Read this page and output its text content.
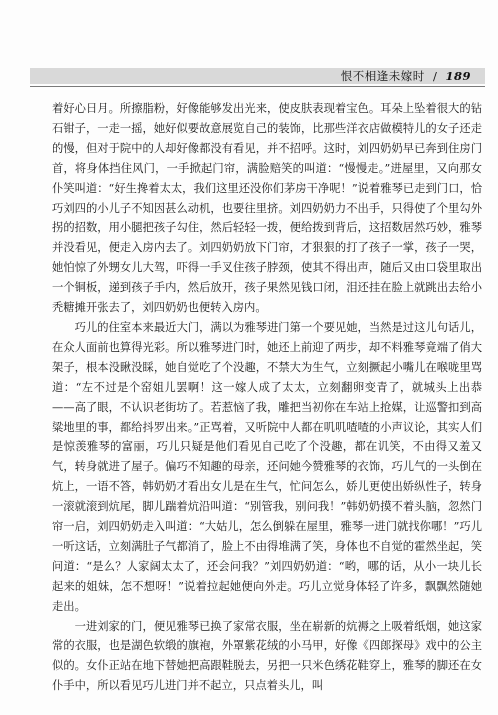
恨不相逢未嫁时 / 189

着好心日月。所擦脂粉，好像能够发出光来，使皮肤表现着宝色。耳朵上坠着很大的钻石钳子，一走一摇，她好似要故意展览自己的装饰，比那些洋衣店做模特儿的女子还走的慢，但对于院中的人却好像都没有看见，并不招呼。这时，刘四奶奶早已奔到住房门首，将身体挡住风门，一手掀起门帘，满脸赔笑的叫道：“慢慢走。”进屋里，又向那女仆笑叫道：“好生搀着太太，我们这里还没你们茅房干净呢！”说着雅琴已走到门口，恰巧刘四的小儿子不知因甚么动机，也要往里挤。刘四奶奶力不出手，只得使了个里勾外拐的招数，用小腿把孩子勾住，然后轻轻一拨，便给拨到背后，这招数居然巧妙，雅琴并没看见，便走入房内去了。刘四奶奶放下门帘，才狠狠的打了孩子一掌，孩子一哭，她怕惊了外甥女儿大驾，吓得一手叉住孩子脖颈，使其不得出声，随后又由口袋里取出一个铜板，递到孩子手内，然后放开，孩子果然见钱口闭，泪还挂在脸上就跳出去给小秃糖摊开张去了，刘四奶奶也便转入房内。

巧儿的住室本来最近大门，满以为雅琴进门第一个要见她，当然是过这儿句话儿，在众人面前也算得光彩。所以雅琴进门时，她还上前迎了两步，却不料雅琴竟端了俏大架子，根本没瞅没睬，她自觉吃了个没趣，不禁大为生气，立刻撅起小嘴儿在喉咙里骂道：“左不过是个窑姐儿罢啊！这一嫁人成了太太，立刻翻卵变青了，就城头上出恭——高了眼，不认识老街坊了。若惹恼了我，雕把当初你在车站上抢媒，让巡警扣到高粱地里的事，都给抖罗出来。”正骂着，又听院中人都在叽叽喳喳的小声议论，其实人们是惊羡雅琴的富丽，巧儿只疑是他们看见自己吃了个没趣，都在讥笑，不由得又羞又气，转身就进了屋子。偏巧不知趣的母亲，还问她今赞雅琴的衣饰，巧儿气的一头倒在炕上，一语不答，韩奶奶才看出女儿是在生气，忙问怎么，娇儿更使出娇纵性子，转身一滚就滚到炕尾，脚儿踹着炕沿叫道：“别管我，别问我！”韩奶奶摸不着头脑，忽然门帘一启，刘四奶奶走入叫道：“大姑儿，怎么倒躲在屋里，雅琴一进门就找你哪！”巧儿一听这话，立刻满肚子气都消了，脸上不由得堆满了笑，身体也不自觉的霍然坐起，笑问道：“是么？人家阔太太了，还会问我？”刘四奶奶道：“哟，哪的话，从小一块儿长起来的姐妹，怎不想呀！”说着拉起她便向外走。巧儿立觉身体轻了许多，飘飘然随她走出。

一进刘家的门，便见雅琴已换了家常衣服，坐在崭新的炕褥之上吸着纸烟，她这家常的衣服，也是湖色软缎的旗袍，外罩紫花绒的小马甲，好像《四郎探母》戏中的公主似的。女仆正站在地下替她把高跟鞋脱去，另把一只米色绣花鞋穿上，雅琴的脚还在女仆手中，所以看见巧儿进门并不起立，只点着头儿，叫
